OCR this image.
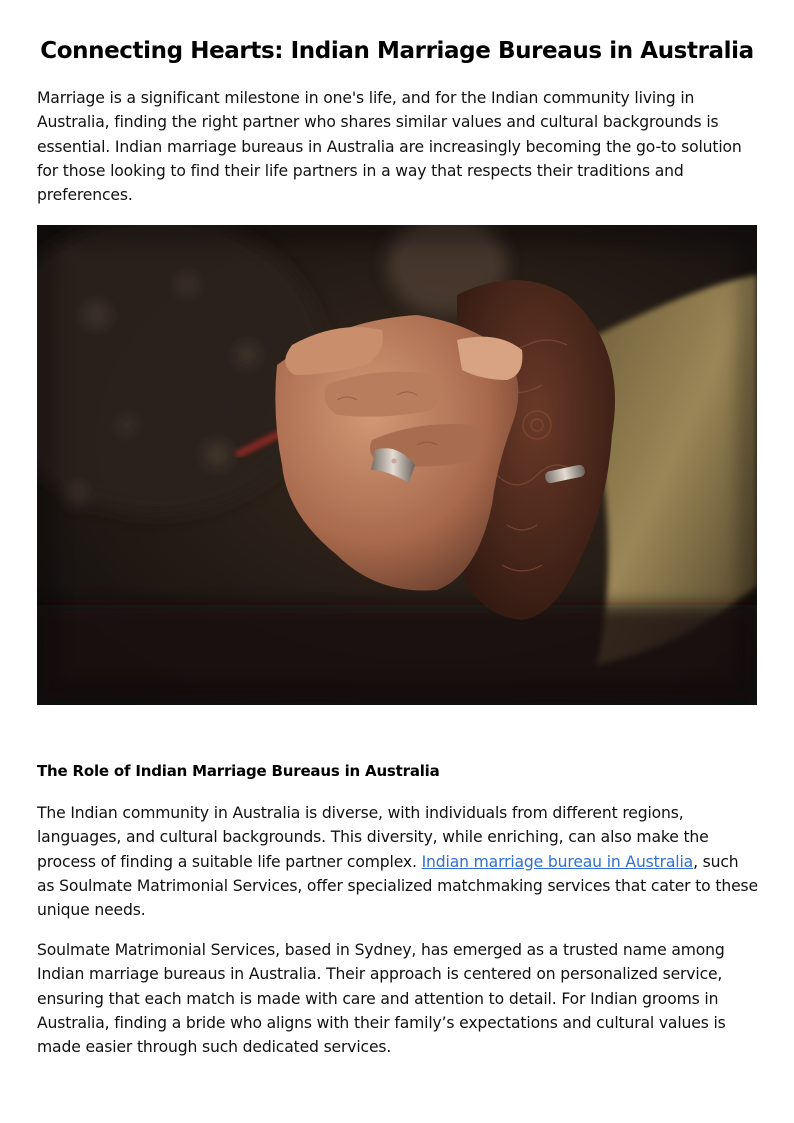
Connecting Hearts: Indian Marriage Bureaus in Australia

Marriage is a significant milestone in one's life, and for the Indian community living in Australia, finding the right partner who shares similar values and cultural backgrounds is essential. Indian marriage bureaus in Australia are increasingly becoming the go-to solution for those looking to find their life partners in a way that respects their traditions and preferences.

The Role of Indian Marriage Bureaus in Australia

The Indian community in Australia is diverse, with individuals from different regions, languages, and cultural backgrounds. This diversity, while enriching, can also make the process of finding a suitable life partner complex. Indian marriage bureau in Australia, such as Soulmate Matrimonial Services, offer specialized matchmaking services that cater to these unique needs.

Soulmate Matrimonial Services, based in Sydney, has emerged as a trusted name among Indian marriage bureaus in Australia. Their approach is centered on personalized service, ensuring that each match is made with care and attention to detail. For Indian grooms in Australia, finding a bride who aligns with their family’s expectations and cultural values is made easier through such dedicated services.
